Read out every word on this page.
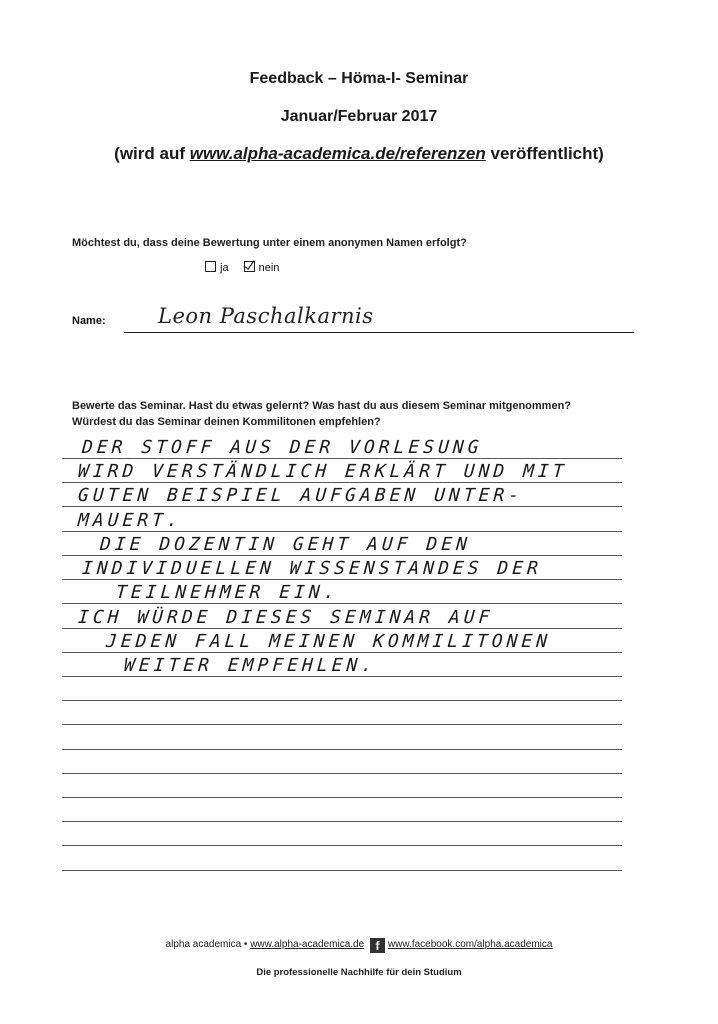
Feedback – Höma-I- Seminar
Januar/Februar 2017
(wird auf www.alpha-academica.de/referenzen veröffentlicht)
Möchtest du, dass deine Bewertung unter einem anonymen Namen erfolgt?
ja	nein
Name: Leon Paschalkarnis
Bewerte das Seminar. Hast du etwas gelernt? Was hast du aus diesem Seminar mitgenommen?
Würdest du das Seminar deinen Kommilitonen empfehlen?
DER STOFF AUS DER VORLESUNG
WIRD VERSTÄNDLICH ERKLÄRT UND MIT
GUTEN BEISPIEL AUFGABEN UNTER-
MAUERT.
DIE DOZENTIN GEHT AUF DEN
INDIVIDUELLEN WISSENSTANDES DER
TEILNEHMER EIN.
ICH WÜRDE DIESES SEMINAR AUF
JEDEN FALL MEINEN KOMMILITONEN
WEITER EMPFEHLEN.
alpha academica • www.alpha-academica.de f www.facebook.com/alpha.academica
Die professionelle Nachhilfe für dein Studium
